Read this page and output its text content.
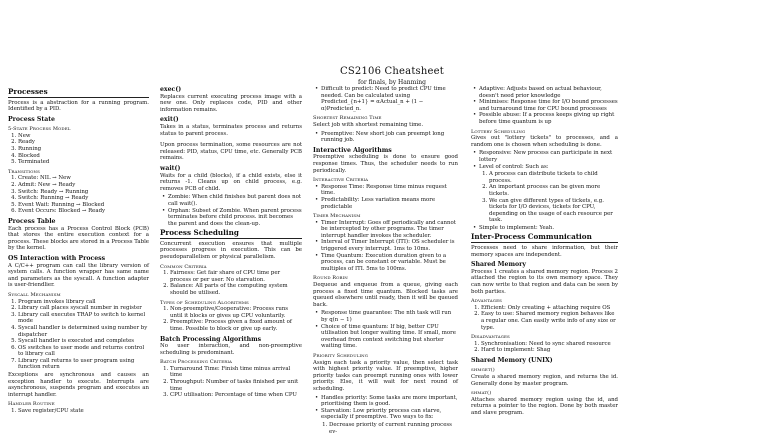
CS2106 Cheatsheet
for finals, by Hanming
Processes
Process is a abstraction for a running program. Identified by a PID.
Process State
5-State Process Model
1. New
2. Ready
3. Running
4. Blocked
5. Terminated
Transitions
1. Create: NIL → New
2. Admit: New → Ready
3. Switch: Ready → Running
4. Switch: Running → Ready
5. Event Wait: Running → Blocked
6. Event Occurs: Blocked → Ready
Process Table
Each process has a Process Control Block (PCB) that stores the entire execution context for a process. These blocks are stored in a Process Table by the kernel.
OS Interaction with Process
A C/C++ program can call the library version of system calls. A function wrapper has same name and parameters as the syscall. A function adapter is user-friendlier.
Syscall Mechanism
1. Program invokes library call
2. Library call places syscall number in register
3. Library call executes TRAP to switch to kernel mode
4. Syscall handler is determined using number by dispatcher
5. Syscall handler is executed and completes
6. OS switches to user mode and returns control to library call
7. Library call returns to user program using function return
Exceptions are synchronous and causes an exception handler to execute. Interrupts are asynchronous, suspends program and executes an interrupt handler.
Handler Routine
1. Save register/CPU state
exec()
Replaces current executing process image with a new one. Only replaces code, PID and other information remains.
exit()
Takes in a status, terminates process and returns status to parent process.
Upon process termination, some resources are not released: PID, status, CPU time, etc. Generally PCB remains.
wait()
Waits for a child (blocks), if a child exists, else it returns -1. Cleans up on child process, e.g. removes PCB of child.
• Zombie: When child finishes but parent does not call wait().
• Orphan: Subset of Zombie. When parent process terminates before child process. init becomes the parent and does the clean-up.
Process Scheduling
Concurrent execution ensures that multiple processes progress in execution. This can be pseudoparallelism or physical parallelism.
Common Criteria
1. Fairness: Get fair share of CPU time per process or per user. No starvation.
2. Balance: All parts of the computing system should be utilised.
Types of Scheduling Algorithms
1. Non-preemptive/Cooperative: Process runs until it blocks or gives up CPU voluntarily.
2. Preemptive: Process given a fixed amount of time. Possible to block or give up early.
Batch Processing Algorithms
No user interaction, and non-preemptive scheduling is predominant.
Batch Processing Criteria
1. Turnaround Time: Finish time minus arrival time
2. Throughput: Number of tasks finished per unit time
3. CPU utilisation: Percentage of time when CPU
• Difficult to predict: Need to predict CPU time needed. Can be calculated using Predicted_{n+1} = αActual_n + (1 − α)Predicted_n.
Shortest Remaining Time
Select job with shortest remaining time.
• Preemptive: New short job can preempt long running job.
Interactive Algorithms
Preemptive scheduling is done to ensure good response times. Thus, the scheduler needs to run periodically.
Interactive Criteria
• Response Time: Response time minus request time.
• Predictability: Less variation means more predictable
Timer Mechanism
• Timer Interrupt: Goes off periodically and cannot be intercepted by other programs. The timer interrupt handler invokes the scheduler.
• Interval of Timer Interrupt (ITI): OS scheduler is triggered every interrupt. 1ms to 10ms.
• Time Quantum: Execution duration given to a process, can be constant or variable. Must be multiples of ITI. 5ms to 100ms.
Round Robin
Dequeue and enqueue from a queue, giving each process a fixed time quantum. Blocked tasks are queued elsewhere until ready, then it will be queued back.
• Response time guarantee: The nth task will run by q(n − 1)
• Choice of time quantum: If big, better CPU utilisation but longer waiting time. If small, more overhead from context switching but shorter waiting time.
Priority Scheduling
Assign each task a priority value, then select task with highest priority value. If preemptive, higher priority tasks can preempt running ones with lower priority. Else, it will wait for next round of scheduling.
• Handles priority: Some tasks are more important, prioritising them is good.
• Starvation: Low priority process can starve, especially if preemptive. Two ways to fix:
1. Decrease priority of current running process ev-
• Adaptive: Adjusts based on actual behaviour, doesn't need prior knowledge
• Minimises: Response time for I/O bound processes and turnaround time for CPU bound processes
• Possible abuse: If a process keeps giving up right before time quantum is up
Lottery Scheduling
Gives out "lottery tickets" to processes, and a random one is chosen when scheduling is done.
• Responsive: New process can participate in next lottery
• Level of control: Such as:
1. A process can distribute tickets to child process.
2. An important process can be given more tickets.
3. We can give different types of tickets, e.g. tickets for I/O devices, tickets for CPU, depending on the usage of each resource per task.
• Simple to implement: Yeah.
Inter-Process Communication
Processes need to share information, but their memory spaces are independent.
Shared Memory
Process 1 creates a shared memory region. Process 2 attached the region to its own memory space. They can now write to that region and data can be seen by both parties.
Advantages
1. Efficient: Only creating + attaching require OS
2. Easy to use: Shared memory region behaves like a regular one. Can easily write info of any size or type.
Disadvantages
1. Synchronisation: Need to sync shared resource
2. Hard to implement: Shag
Shared Memory (UNIX)
shmget()
Create a shared memory region, and returns the id. Generally done by master program.
shmat()
Attaches shared memory region using the id, and returns a pointer to the region. Done by both master and slave program.
